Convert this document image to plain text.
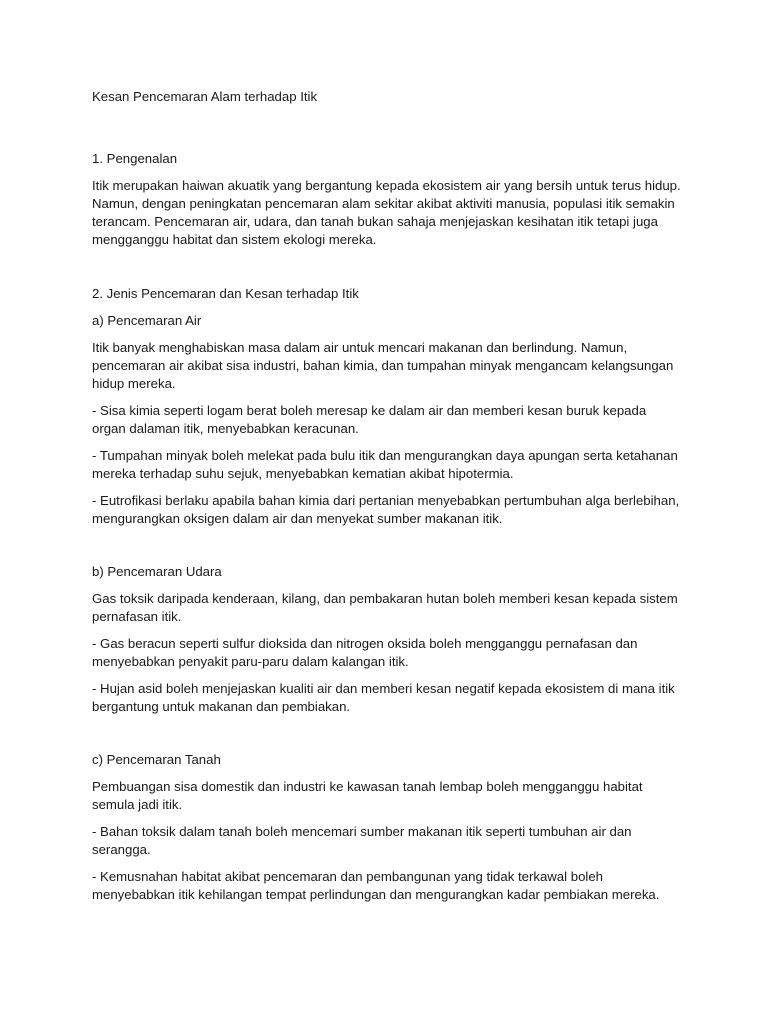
Kesan Pencemaran Alam terhadap Itik

1. Pengenalan

Itik merupakan haiwan akuatik yang bergantung kepada ekosistem air yang bersih untuk terus hidup. Namun, dengan peningkatan pencemaran alam sekitar akibat aktiviti manusia, populasi itik semakin terancam. Pencemaran air, udara, dan tanah bukan sahaja menjejaskan kesihatan itik tetapi juga mengganggu habitat dan sistem ekologi mereka.

2. Jenis Pencemaran dan Kesan terhadap Itik

a) Pencemaran Air

Itik banyak menghabiskan masa dalam air untuk mencari makanan dan berlindung. Namun, pencemaran air akibat sisa industri, bahan kimia, dan tumpahan minyak mengancam kelangsungan hidup mereka.

- Sisa kimia seperti logam berat boleh meresap ke dalam air dan memberi kesan buruk kepada organ dalaman itik, menyebabkan keracunan.

- Tumpahan minyak boleh melekat pada bulu itik dan mengurangkan daya apungan serta ketahanan mereka terhadap suhu sejuk, menyebabkan kematian akibat hipotermia.

- Eutrofikasi berlaku apabila bahan kimia dari pertanian menyebabkan pertumbuhan alga berlebihan, mengurangkan oksigen dalam air dan menyekat sumber makanan itik.

b) Pencemaran Udara

Gas toksik daripada kenderaan, kilang, dan pembakaran hutan boleh memberi kesan kepada sistem pernafasan itik.

- Gas beracun seperti sulfur dioksida dan nitrogen oksida boleh mengganggu pernafasan dan menyebabkan penyakit paru-paru dalam kalangan itik.

- Hujan asid boleh menjejaskan kualiti air dan memberi kesan negatif kepada ekosistem di mana itik bergantung untuk makanan dan pembiakan.

c) Pencemaran Tanah

Pembuangan sisa domestik dan industri ke kawasan tanah lembap boleh mengganggu habitat semula jadi itik.

- Bahan toksik dalam tanah boleh mencemari sumber makanan itik seperti tumbuhan air dan serangga.

- Kemusnahan habitat akibat pencemaran dan pembangunan yang tidak terkawal boleh menyebabkan itik kehilangan tempat perlindungan dan mengurangkan kadar pembiakan mereka.
